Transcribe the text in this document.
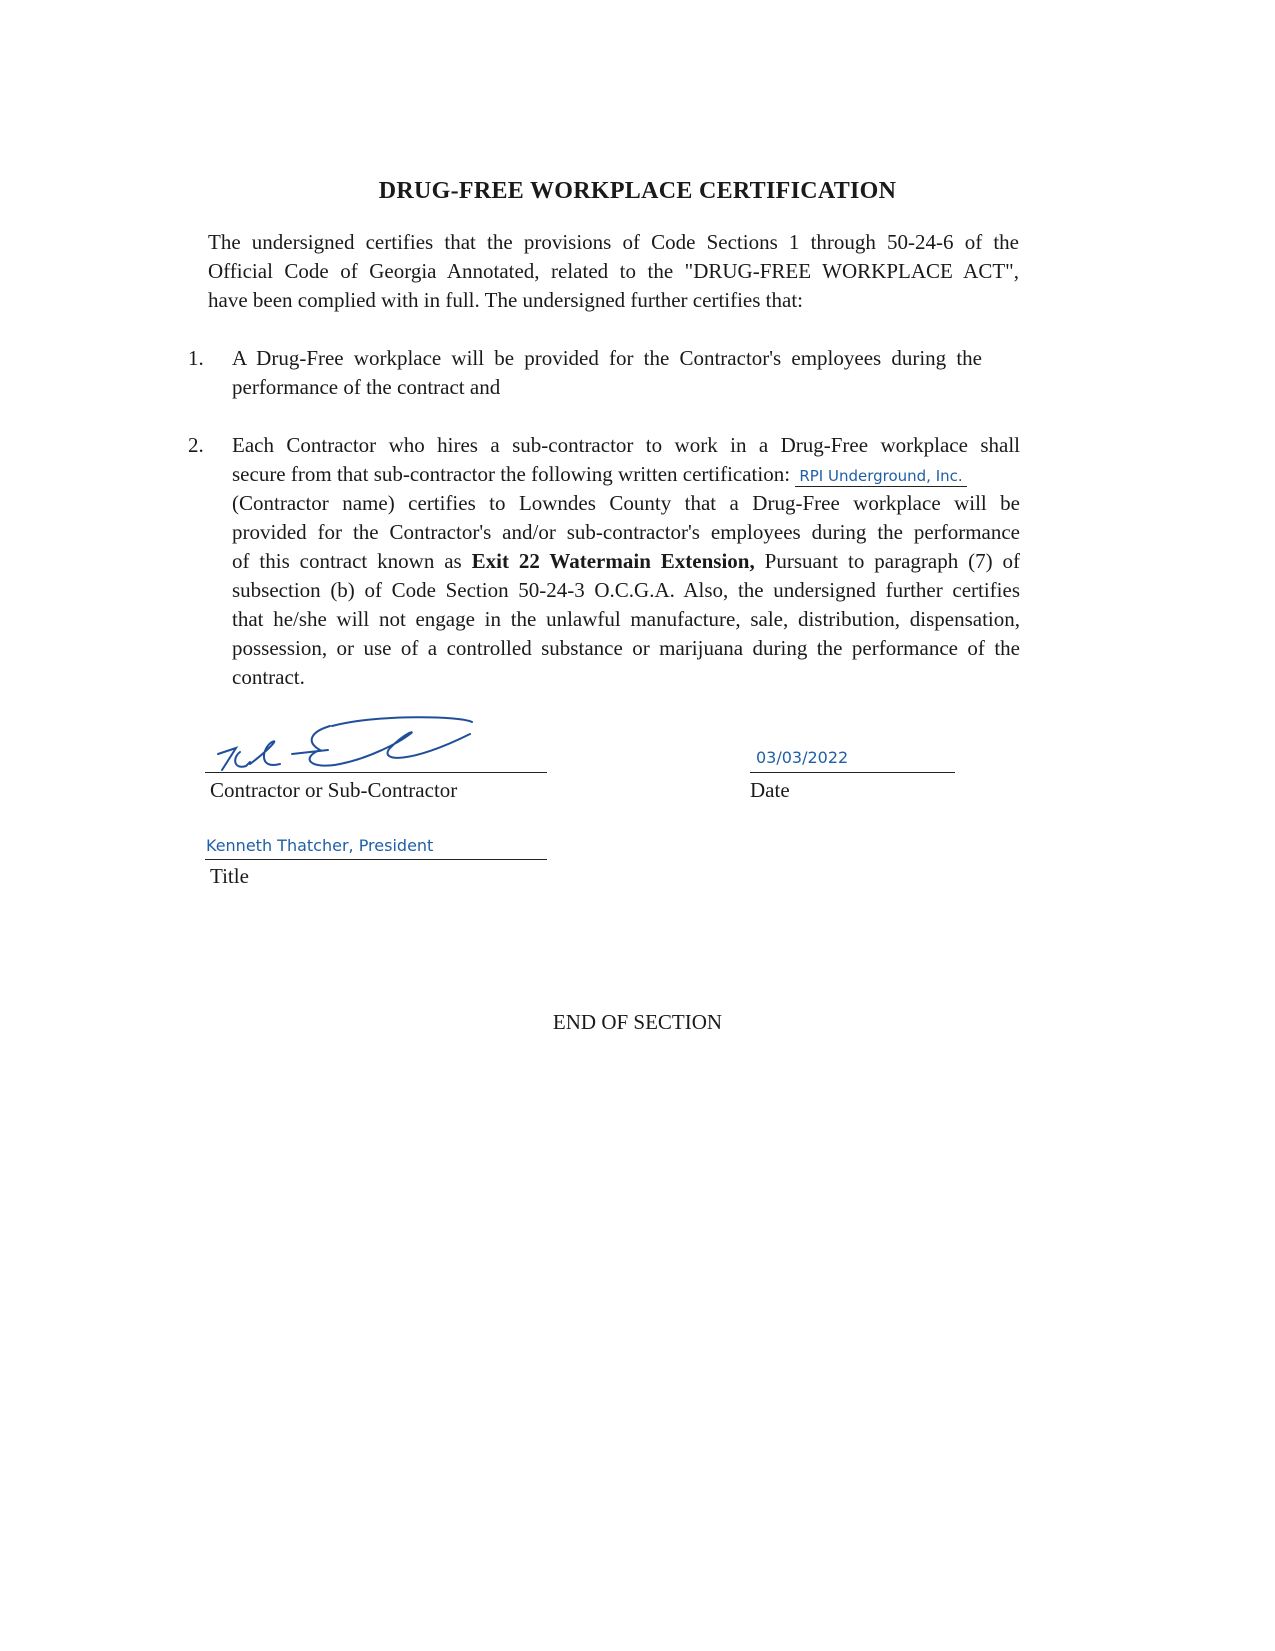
DRUG-FREE WORKPLACE CERTIFICATION
The undersigned certifies that the provisions of Code Sections 1 through 50-24-6 of the
Official Code of Georgia Annotated, related to the "DRUG-FREE WORKPLACE ACT",
have been complied with in full. The undersigned further certifies that:
1. A Drug-Free workplace will be provided for the Contractor's employees during the
performance of the contract and
2. Each Contractor who hires a sub-contractor to work in a Drug-Free workplace shall
secure from that sub-contractor the following written certification: RPI Underground, Inc.
(Contractor name) certifies to Lowndes County that a Drug-Free workplace will be
provided for the Contractor's and/or sub-contractor's employees during the performance
of this contract known as Exit 22 Watermain Extension, Pursuant to paragraph (7) of
subsection (b) of Code Section 50-24-3 O.C.G.A. Also, the undersigned further certifies
that he/she will not engage in the unlawful manufacture, sale, distribution, dispensation,
possession, or use of a controlled substance or marijuana during the performance of the
contract.
Contractor or Sub-Contractor
03/03/2022
Date
Kenneth Thatcher, President
Title
END OF SECTION
